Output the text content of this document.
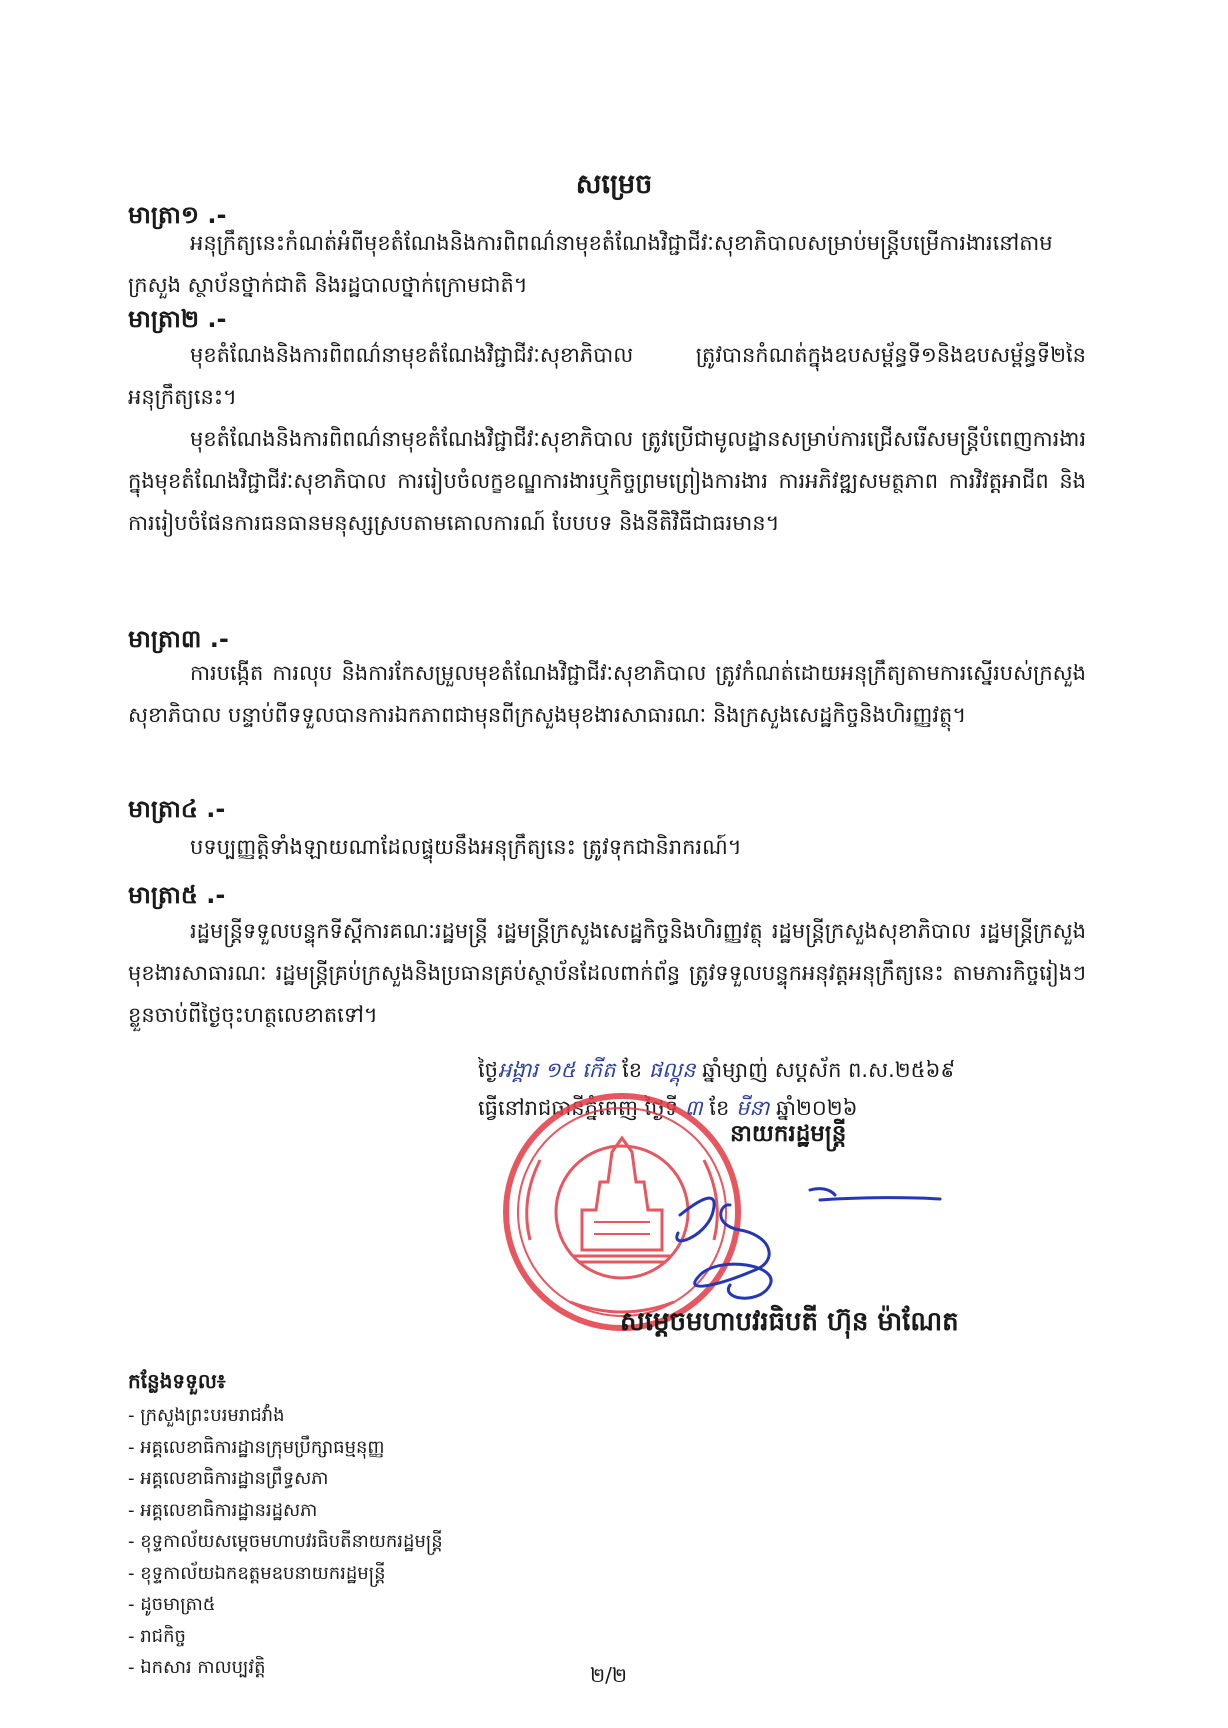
សម្រេច
មាត្រា១ .-
អនុក្រឹត្យនេះកំណត់អំពីមុខតំណែងនិងការពិពណ៌នាមុខតំណែងវិជ្ជាជីវៈសុខាភិបាលសម្រាប់មន្ត្រីបម្រើការងារនៅតាមក្រសួង ស្ថាប័នថ្នាក់ជាតិ និងរដ្ឋបាលថ្នាក់ក្រោមជាតិ។
មាត្រា២ .-
មុខតំណែងនិងការពិពណ៌នាមុខតំណែងវិជ្ជាជីវៈសុខាភិបាល ត្រូវបានកំណត់ក្នុងឧបសម្ព័ន្ធទី១និងឧបសម្ព័ន្ធទី២នៃអនុក្រឹត្យនេះ។
មុខតំណែងនិងការពិពណ៌នាមុខតំណែងវិជ្ជាជីវៈសុខាភិបាល ត្រូវប្រើជាមូលដ្ឋានសម្រាប់ការជ្រើសរើសមន្ត្រីបំពេញការងារក្នុងមុខតំណែងវិជ្ជាជីវៈសុខាភិបាល ការរៀបចំលក្ខខណ្ឌការងារឬកិច្ចព្រមព្រៀងការងារ ការអភិវឌ្ឍសមត្ថភាព ការវិវត្តអាជីព និងការរៀបចំផែនការធនធានមនុស្សស្របតាមគោលការណ៍ បែបបទ និងនីតិវិធីជាធរមាន។
មាត្រា៣ .-
ការបង្កើត ការលុប និងការកែសម្រួលមុខតំណែងវិជ្ជាជីវៈសុខាភិបាល ត្រូវកំណត់ដោយអនុក្រឹត្យតាមការស្នើរបស់ក្រសួងសុខាភិបាល បន្ទាប់ពីទទួលបានការឯកភាពជាមុនពីក្រសួងមុខងារសាធារណៈ និងក្រសួងសេដ្ឋកិច្ចនិងហិរញ្ញវត្ថុ។
មាត្រា៤ .-
បទប្បញ្ញត្តិទាំងឡាយណាដែលផ្ទុយនឹងអនុក្រឹត្យនេះ ត្រូវទុកជានិរាករណ៍។
មាត្រា៥ .-
រដ្ឋមន្ត្រីទទួលបន្ទុកទីស្តីការគណៈរដ្ឋមន្ត្រី រដ្ឋមន្ត្រីក្រសួងសេដ្ឋកិច្ចនិងហិរញ្ញវត្ថុ រដ្ឋមន្ត្រីក្រសួងសុខាភិបាល រដ្ឋមន្ត្រីក្រសួងមុខងារសាធារណៈ រដ្ឋមន្ត្រីគ្រប់ក្រសួងនិងប្រធានគ្រប់ស្ថាប័នដែលពាក់ព័ន្ធ ត្រូវទទួលបន្ទុកអនុវត្តអនុក្រឹត្យនេះ តាមភារកិច្ចរៀងៗខ្លួនចាប់ពីថ្ងៃចុះហត្ថលេខាតទៅ។
ថ្ងៃអង្គារ ១៥ កើត ខែ ផល្គុន ឆ្នាំម្សាញ់ សប្តស័ក ព.ស.២៥៦៩
ធ្វើនៅរាជធានីភ្នំពេញ ថ្ងៃទី ៣ ខែ មីនា ឆ្នាំ២០២៦
នាយករដ្ឋមន្ត្រី
សម្តេចមហាបវរធិបតី ហ៊ុន ម៉ាណែត
កន្លែងទទួល៖
- ក្រសួងព្រះបរមរាជវាំង
- អគ្គលេខាធិការដ្ឋានក្រុមប្រឹក្សាធម្មនុញ្ញ
- អគ្គលេខាធិការដ្ឋានព្រឹទ្ធសភា
- អគ្គលេខាធិការដ្ឋានរដ្ឋសភា
- ខុទ្ទកាល័យសម្តេចមហាបវរធិបតីនាយករដ្ឋមន្ត្រី
- ខុទ្ទកាល័យឯកឧត្តមឧបនាយករដ្ឋមន្ត្រី
- ដូចមាត្រា៥
- រាជកិច្ច
- ឯកសារ កាលប្បវត្តិ	២/២
